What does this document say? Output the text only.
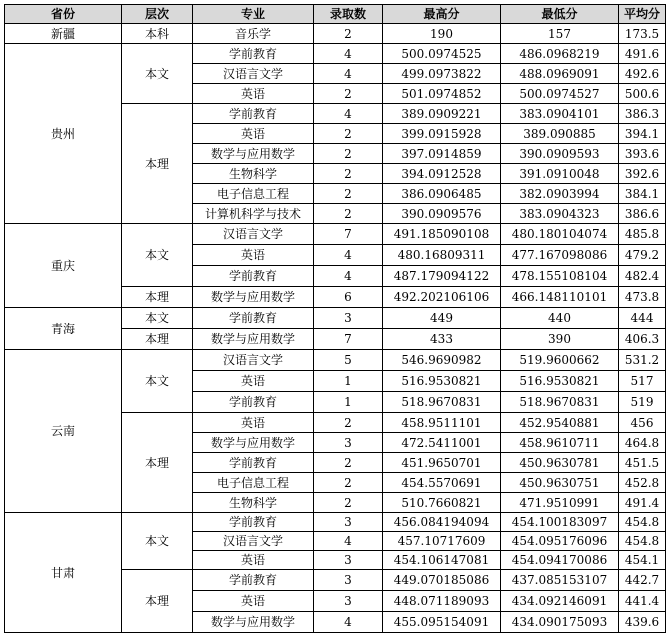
省份	层次	专业	录取数	最高分	最低分	平均分
新疆	本科	音乐学	2	190	157	173.5
贵州	本文	学前教育	4	500.0974525	486.0968219	491.6
		汉语言文学	4	499.0973822	488.0969091	492.6
		英语	2	501.0974852	500.0974527	500.6
	本理	学前教育	4	389.0909221	383.0904101	386.3
		英语	2	399.0915928	389.090885	394.1
		数学与应用数学	2	397.0914859	390.0909593	393.6
		生物科学	2	394.0912528	391.0910048	392.6
		电子信息工程	2	386.0906485	382.0903994	384.1
		计算机科学与技术	2	390.0909576	383.0904323	386.6
重庆	本文	汉语言文学	7	491.185090108	480.180104074	485.8
		英语	4	480.16809311	477.167098086	479.2
		学前教育	4	487.179094122	478.155108104	482.4
	本理	数学与应用数学	6	492.202106106	466.148110101	473.8
青海	本文	学前教育	3	449	440	444
	本理	数学与应用数学	7	433	390	406.3
云南	本文	汉语言文学	5	546.9690982	519.9600662	531.2
		英语	1	516.9530821	516.9530821	517
		学前教育	1	518.9670831	518.9670831	519
	本理	英语	2	458.9511101	452.9540881	456
		数学与应用数学	3	472.5411001	458.9610711	464.8
		学前教育	2	451.9650701	450.9630781	451.5
		电子信息工程	2	454.5570691	450.9630751	452.8
		生物科学	2	510.7660821	471.9510991	491.4
甘肃	本文	学前教育	3	456.084194094	454.100183097	454.8
		汉语言文学	4	457.10717609	454.095176096	454.8
		英语	3	454.106147081	454.094170086	454.1
	本理	学前教育	3	449.070185086	437.085153107	442.7
		英语	3	448.071189093	434.092146091	441.4
		数学与应用数学	4	455.095154091	434.090175093	439.6
